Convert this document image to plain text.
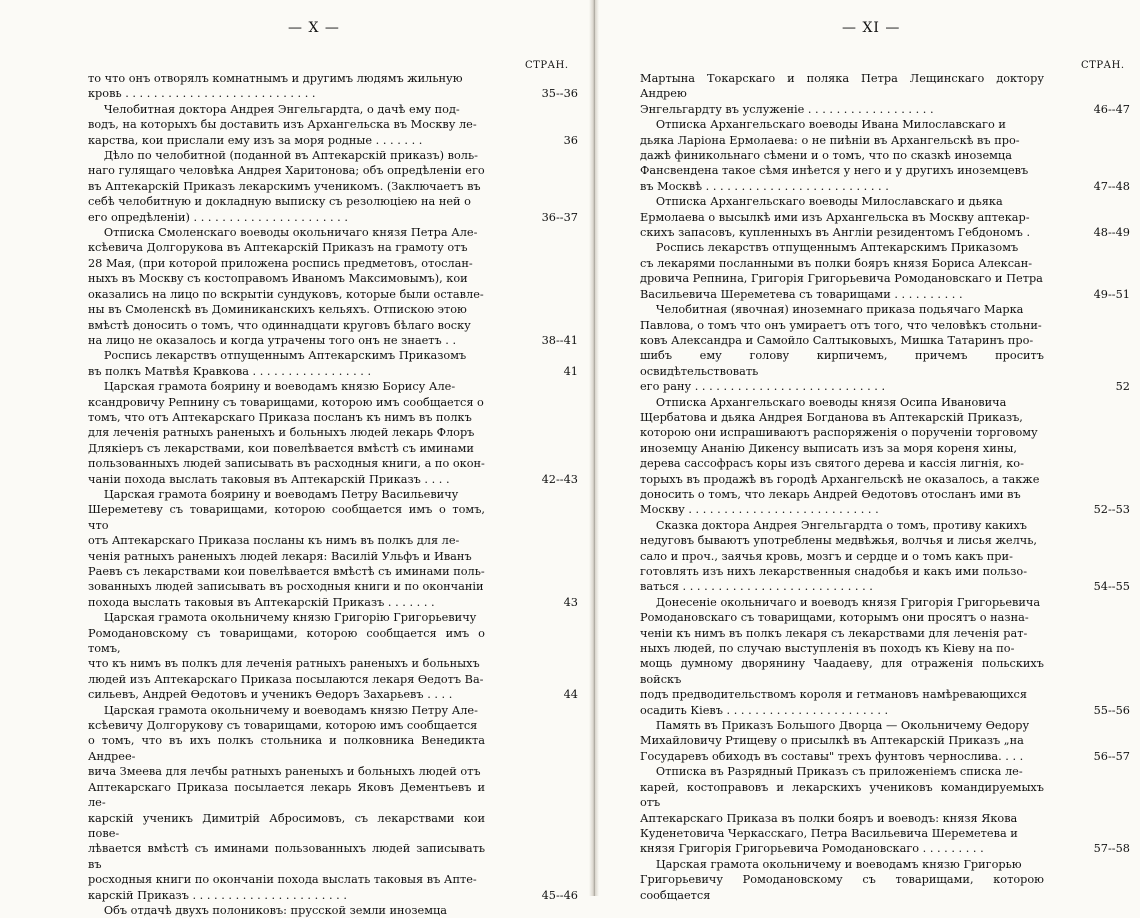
— X —
СТРАН.
то что онъ отворялъ комнатнымъ и другимъ людямъ жильную
кровь . . . . . . . . . . . . . . . . . . . . . . . . . . .	35--36
Челобитная доктора Андрея Энгельгардта, о дачѣ ему под-
водъ, на которыхъ бы доставить изъ Архангельска въ Москву ле-
карства, кои прислали ему изъ за моря родные . . . . . . .	36
Дѣло по челобитной (поданной въ Аптекарскій приказъ) воль-
наго гулящаго человѣка Андрея Харитонова; объ опредѣленіи его
въ Аптекарскій Приказъ лекарскимъ ученикомъ. (Заключаетъ въ
себѣ челобитную и докладную выписку съ резолюціею на ней о
его опредѣленіи) . . . . . . . . . . . . . . . . . . . . . .	36--37
Отписка Смоленскаго воеводы окольничаго князя Петра Але-
ксѣевича Долгорукова въ Аптекарскій Приказъ на грамоту отъ
28 Мая, (при которой приложена роспись предметовъ, отослан-
ныхъ въ Москву съ костоправомъ Иваномъ Максимовымъ), кои
оказались на лицо по вскрытіи сундуковъ, которые были оставле-
ны въ Смоленскѣ въ Доминиканскихъ кельяхъ. Отпискою этою
вмѣстѣ доносить о томъ, что одиннадцати круговъ бѣлаго воску
на лицо не оказалось и когда утрачены того онъ не знаетъ . .	38--41
Роспись лекарствъ отпущеннымъ Аптекарскимъ Приказомъ
въ полкъ Матвѣя Кравкова . . . . . . . . . . . . . . . . .	41
Царская грамота боярину и воеводамъ князю Борису Але-
ксандровичу Репнину съ товарищами, которою имъ сообщается о
томъ, что отъ Аптекарскаго Приказа посланъ къ нимъ въ полкъ
для леченія ратныхъ раненыхъ и больныхъ людей лекарь Флоръ
Длякіеръ съ лекарствами, кои повелѣвается вмѣстѣ съ иминами
пользованныхъ людей записывать въ расходныя книги, а по окон-
чаніи похода выслать таковыя въ Аптекарскій Приказъ . . . .	42--43
Царская грамота боярину и воеводамъ Петру Васильевичу
Шереметеву съ товарищами, которою сообщается имъ о томъ, что
отъ Аптекарскаго Приказа посланы къ нимъ въ полкъ для ле-
ченія ратныхъ раненыхъ людей лекаря: Василій Ульфъ и Иванъ
Раевъ съ лекарствами кои повелѣвается вмѣстѣ съ иминами поль-
зованныхъ людей записывать въ росходныя книги и по окончаніи
похода выслать таковыя въ Аптекарскій Приказъ . . . . . . .	43
Царская грамота окольничему князю Григорію Григорьевичу
Ромодановскому съ товарищами, которою сообщается имъ о томъ,
что къ нимъ въ полкъ для леченія ратныхъ раненыхъ и больныхъ
людей изъ Аптекарскаго Приказа посылаются лекаря Өедотъ Ва-
сильевъ, Андрей Өедотовъ и ученикъ Өедоръ Захарьевъ . . . .	44
Царская грамота окольничему и воеводамъ князю Петру Але-
ксѣевичу Долгорукову съ товарищами, которою имъ сообщается
о томъ, что въ ихъ полкъ стольника и полковника Венедикта Андрее-
вича Змеева для лечбы ратныхъ раненыхъ и больныхъ людей отъ
Аптекарскаго Приказа посылается лекарь Яковъ Дементьевъ и ле-
карскій ученикъ Димитрій Абросимовъ, съ лекарствами кои пове-
лѣвается вмѣстѣ съ иминами пользованныхъ людей записывать въ
росходныя книги по окончаніи похода выслать таковыя въ Апте-
карскій Приказъ . . . . . . . . . . . . . . . . . . . . . .	45--46
Объ отдачѣ двухъ полониковъ: прусской земли иноземца
— XI —
СТРАН.
Мартына Токарскаго и поляка Петра Лещинскаго доктору Андрею
Энгельгардту въ услуженіе . . . . . . . . . . . . . . . . . .	46--47
Отписка Архангельскаго воеводы Ивана Милославскаго и
дьяка Ларіона Ермолаева: о не пиѣніи въ Архангельскѣ въ про-
дажѣ финикольнаго сѣмени и о томъ, что по сказкѣ иноземца
Фансвендена такое сѣмя инѣется у него и у другихъ иноземцевъ
въ Москвѣ . . . . . . . . . . . . . . . . . . . . . . . . . .	47--48
Отписка Архангельскаго воеводы Милославскаго и дьяка
Ермолаева о высылкѣ ими изъ Архангельска въ Москву аптекар-
скихъ запасовъ, купленныхъ въ Англіи резидентомъ Гебдономъ .	48--49
Роспись лекарствъ отпущеннымъ Аптекарскимъ Приказомъ
съ лекарями посланными въ полки бояръ князя Бориса Алексан-
дровича Репнина, Григорія Григорьевича Ромодановскаго и Петра
Васильевича Шереметева съ товарищами . . . . . . . . . .	49--51
Челобитная (явочная) иноземнаго приказа подьячаго Марка
Павлова, о томъ что онъ умираетъ отъ того, что человѣкъ стольни-
ковъ Александра и Самойло Салтыковыхъ, Мишка Татаринъ про-
шибъ ему голову кирпичемъ, причемъ проситъ освидѣтельствовать
его рану . . . . . . . . . . . . . . . . . . . . . . . . . . .	52
Отписка Архангельскаго воеводы князя Осипа Ивановича
Щербатова и дьяка Андрея Богданова въ Аптекарскій Приказъ,
которою они испрашиваютъ распоряженія о порученіи торговому
иноземцу Ананію Дикенсу выписать изъ за моря кореня хины,
дерева сассофрасъ коры изъ святого дерева и кассія лигнія, ко-
торыхъ въ продажѣ въ городѣ Архангельскѣ не оказалось, а также
доносить о томъ, что лекарь Андрей Өедотовъ отосланъ ими въ
Москву . . . . . . . . . . . . . . . . . . . . . . . . . . .	52--53
Сказка доктора Андрея Энгельгардта о томъ, противу какихъ
недуговъ бываютъ употреблены медвѣжья, волчья и лисья желчь,
сало и проч., заячья кровь, мозгъ и сердце и о томъ какъ при-
готовлять изъ нихъ лекарственныя снадобья и какъ ими пользо-
ваться . . . . . . . . . . . . . . . . . . . . . . . . . . .	54--55
Донесеніе окольничаго и воеводъ князя Григорія Григорьевича
Ромодановскаго съ товарищами, которымъ они просятъ о назна-
ченіи къ нимъ въ полкъ лекаря съ лекарствами для леченія рат-
ныхъ людей, по случаю выступленія въ походъ къ Кіеву на по-
мощь думному дворянину Чаадаеву, для отраженія польскихъ войскъ
подъ предводительствомъ короля и гетмановъ намѣревающихся
осадить Кіевъ . . . . . . . . . . . . . . . . . . . . . . .	55--56
Память въ Приказъ Большого Дворца — Окольничему Өедору
Михайловичу Ртищеву о присылкѣ въ Аптекарскій Приказъ „на
Государевъ обиходъ въ составы" трехъ фунтовъ чернослива. . . .	56--57
Отписка въ Разрядный Приказъ съ приложеніемъ списка ле-
карей, костоправовъ и лекарскихъ учениковъ командируемыхъ отъ
Аптекарскаго Приказа въ полки бояръ и воеводъ: князя Якова
Куденетовича Черкасскаго, Петра Васильевича Шереметева и
князя Григорія Григорьевича Ромодановскаго . . . . . . . . .	57--58
Царская грамота окольничему и воеводамъ князю Григорью
Григорьевичу Ромодановскому съ товарищами, которою сообщается
